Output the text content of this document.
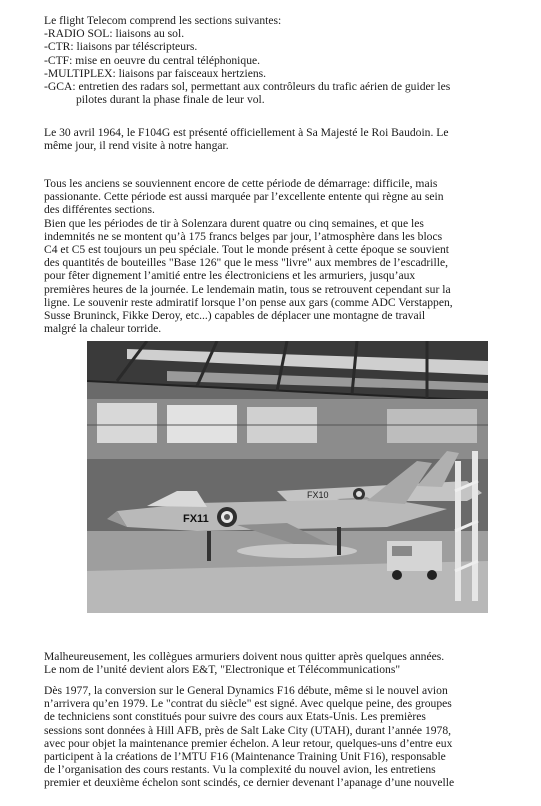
Le flight Telecom comprend les sections suivantes:
-RADIO SOL: liaisons au sol.
-CTR: liaisons par téléscripteurs.
-CTF: mise en oeuvre du central téléphonique.
-MULTIPLEX: liaisons par faisceaux hertziens.
-GCA: entretien des radars sol, permettant aux contrôleurs du trafic aérien de guider les
pilotes durant la phase finale de leur vol.
Le 30 avril 1964, le F104G est présenté officiellement à Sa Majesté le Roi Baudoin. Le
même jour, il rend visite à notre hangar.
Tous les anciens se souviennent encore de cette période de démarrage: difficile, mais
passionante. Cette période est aussi marquée par l’excellente entente qui règne au sein
des différentes sections.
Bien que les périodes de tir à Solenzara durent quatre ou cinq semaines, et que les
indemnités ne se montent qu’à 175 francs belges par jour, l’atmosphère dans les blocs
C4 et C5 est toujours un peu spéciale. Tout le monde présent à cette époque se souvient
des quantités de bouteilles "Base 126" que le mess "livre" aux membres de l’escadrille,
pour fêter dignement l’amitié entre les électroniciens et les armuriers, jusqu’aux
premières heures de la journée. Le lendemain matin, tous se retrouvent cependant sur la
ligne. Le souvenir reste admiratif lorsque l’on pense aux gars (comme ADC Verstappen,
Susse Bruninck, Fikke Deroy, etc...) capables de déplacer une montagne de travail
malgré la chaleur torride.
FX10
FX11
Malheureusement, les collègues armuriers doivent nous quitter après quelques années.
Le nom de l’unité devient alors E&T, "Electronique et Télécommunications"
Dès 1977, la conversion sur le General Dynamics F16 débute, même si le nouvel avion
n’arrivera qu’en 1979. Le "contrat du siècle" est signé. Avec quelque peine, des groupes
de techniciens sont constitués pour suivre des cours aux Etats-Unis. Les premières
sessions sont données à Hill AFB, près de Salt Lake City (UTAH), durant l’année 1978,
avec pour objet la maintenance premier échelon. A leur retour, quelques-uns d’entre eux
participent à la créations de l’MTU F16 (Maintenance Training Unit F16), responsable
de l’organisation des cours restants. Vu la complexité du nouvel avion, les entretiens
premier et deuxième échelon sont scindés, ce dernier devenant l’apanage d’une nouvelle
